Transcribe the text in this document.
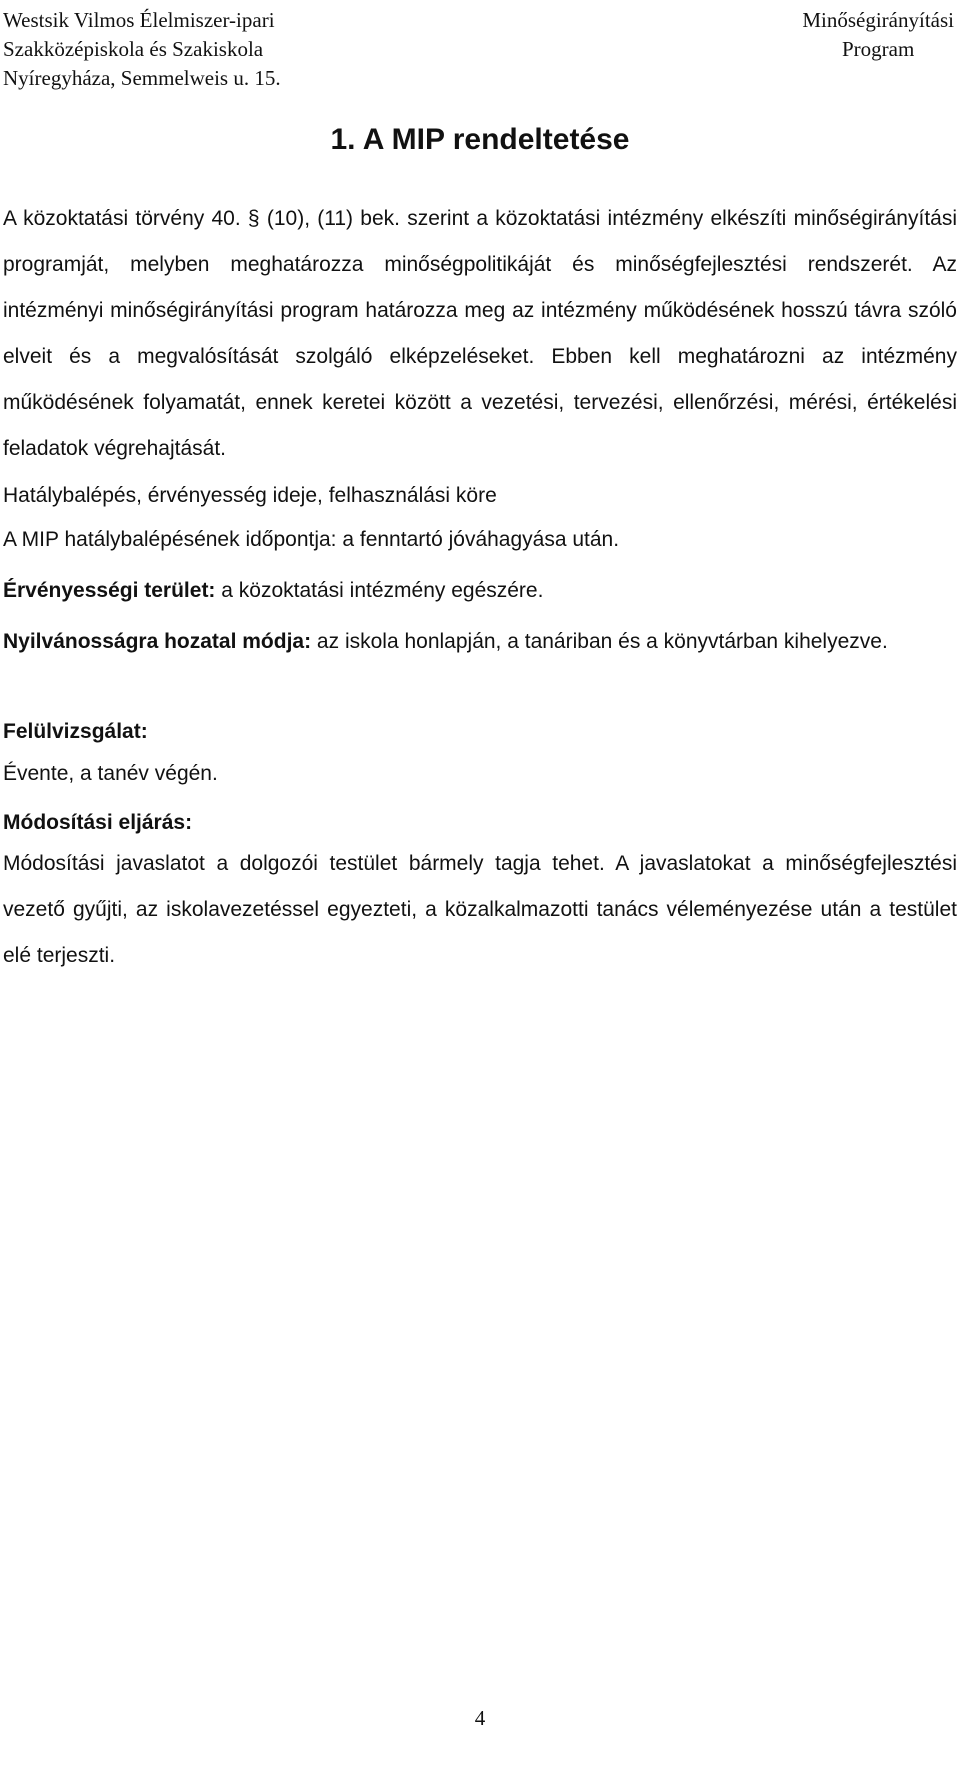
Westsik Vilmos Élelmiszer-ipari
Szakközépiskola és Szakiskola
Nyíregyháza, Semmelweis u. 15.
Minőségirányítási
Program
1. A MIP rendeltetése
A közoktatási törvény 40. § (10), (11) bek. szerint a közoktatási intézmény elkészíti minőségirányítási programját, melyben meghatározza minőségpolitikáját és minőségfejlesztési rendszerét. Az intézményi minőségirányítási program határozza meg az intézmény működésének hosszú távra szóló elveit és a megvalósítását szolgáló elképzeléseket. Ebben kell meghatározni az intézmény működésének folyamatát, ennek keretei között a vezetési, tervezési, ellenőrzési, mérési, értékelési feladatok végrehajtását.
Hatálybalépés, érvényesség ideje, felhasználási köre
A MIP hatálybalépésének időpontja: a fenntartó jóváhagyása után.
Érvényességi terület: a közoktatási intézmény egészére.
Nyilvánosságra hozatal módja: az iskola honlapján, a tanáriban és a könyvtárban kihelyezve.
Felülvizsgálat:
Évente, a tanév végén.
Módosítási eljárás:
Módosítási javaslatot a dolgozói testület bármely tagja tehet. A javaslatokat a minőségfejlesztési vezető gyűjti, az iskolavezetéssel egyezteti, a közalkalmazotti tanács véleményezése után a testület elé terjeszti.
4
